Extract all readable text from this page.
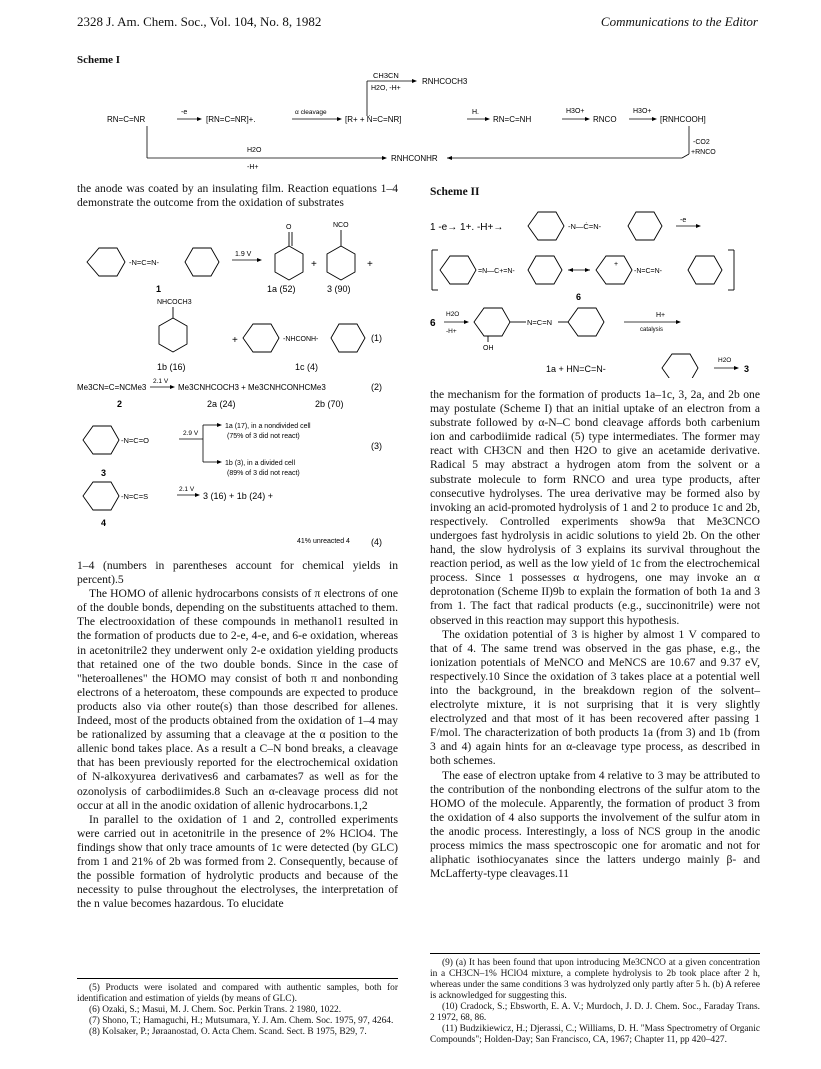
2328 J. Am. Chem. Soc., Vol. 104, No. 8, 1982	Communications to the Editor
Scheme I
CH3CN
H2O, -H+
RNHCOCH3
RN=C=NR
-e
[RN=C=NR]+.
α cleavage
[R+ + Ṅ=C=NR]
H.
RN=C=NH
H3O+
RNCO
H3O+
[RNHCOOH]
-CO2
+RNCO
H2O
-H+
RNHCONHR

the anode was coated by an insulating film. Reaction equations 1–4 demonstrate the outcome from the oxidation of substrates

-N=C=N-
1.9 V
O
+
NCO
+
1	1a (52)	3 (90)
NHCOCH3
+	-NHCONH-	(1)
1b (16)	1c (4)
Me3CN=C=NCMe3
2.1 V
Me3CNHCOCH3 + Me3CNHCONHCMe3	(2)
2	2a (24)	2b (70)
-N=C=O
2.9 V
1a (17), in a nondivided cell
(75% of 3 did not react)
1b (3), in a divided cell
(89% of 3 did not react)
(3)
3
-N=C=S
2.1 V
3 (16) + 1b (24) +
41% unreacted 4 (4)
4

1–4 (numbers in parentheses account for chemical yields in percent).5

The HOMO of allenic hydrocarbons consists of π electrons of one of the double bonds, depending on the substituents attached to them. The electrooxidation of these compounds in methanol1 resulted in the formation of products due to 2-e, 4-e, and 6-e oxidation, whereas in acetonitrile2 they underwent only 2-e oxidation yielding products that retained one of the two double bonds. Since in the case of "heteroallenes" the HOMO may consist of both π and nonbonding electrons of a heteroatom, these compounds are expected to produce products also via other route(s) than those described for allenes. Indeed, most of the products obtained from the oxidation of 1–4 may be rationalized by assuming that a cleavage at the α position to the allenic bond takes place. As a result a C–N bond breaks, a cleavage that has been previously reported for the electrochemical oxidation of N-alkoxyurea derivatives6 and carbamates7 as well as for the ozonolysis of carbodiimides.8 Such an α-cleavage process did not occur at all in the anodic oxidation of allenic hydrocarbons.1,2

In parallel to the oxidation of 1 and 2, controlled experiments were carried out in acetonitrile in the presence of 2% HClO4. The findings show that only trace amounts of 1c were detected (by GLC) from 1 and 21% of 2b was formed from 2. Consequently, because of the possible formation of hydrolytic products and because of the necessity to pulse throughout the electrolyses, the interpretation of the n value becomes hazardous. To elucidate

(5) Products were isolated and compared with authentic samples, both for identification and estimation of yields (by means of GLC).
(6) Ozaki, S.; Masui, M. J. Chem. Soc. Perkin Trans. 2 1980, 1022.
(7) Shono, T.; Hamaguchi, H.; Mutsumara, Y. J. Am. Chem. Soc. 1975, 97, 4264.
(8) Kolsaker, P.; Jøraanostad, O. Acta Chem. Scand. Sect. B 1975, B29, 7.
Scheme II
1 -e→ 1+. -H+→	-N—Ċ=N-
-e
=N—C+=N-
+
-N=C=N-
6
6
H2O
-H+
OH
N=C=N
H+
catalysis
1a + HN=C=N-
H2O
3

the mechanism for the formation of products 1a–1c, 3, 2a, and 2b one may postulate (Scheme I) that an initial uptake of an electron from a substrate followed by α-N–C bond cleavage affords both carbenium ion and carbodiimide radical (5) type intermediates. The former may react with CH3CN and then H2O to give an acetamide derivative. Radical 5 may abstract a hydrogen atom from the solvent or a substrate molecule to form RNCO and urea type products, after consecutive hydrolyses. The urea derivative may be formed also by invoking an acid-promoted hydrolysis of 1 and 2 to produce 1c and 2b, respectively. Controlled experiments show9a that Me3CNCO undergoes fast hydrolysis in acidic solutions to yield 2b. On the other hand, the slow hydrolysis of 3 explains its survival throughout the reaction period, as well as the low yield of 1c from the electrochemical process. Since 1 possesses α hydrogens, one may invoke an α deprotonation (Scheme II)9b to explain the formation of both 1a and 3 from 1. The fact that radical products (e.g., succinonitrile) were not observed in this reaction may support this hypothesis.

The oxidation potential of 3 is higher by almost 1 V compared to that of 4. The same trend was observed in the gas phase, e.g., the ionization potentials of MeNCO and MeNCS are 10.67 and 9.37 eV, respectively.10 Since the oxidation of 3 takes place at a potential well into the background, in the breakdown region of the solvent–electrolyte mixture, it is not surprising that it is very slightly electrolyzed and that most of it has been recovered after passing 1 F/mol. The characterization of both products 1a (from 3) and 1b (from 3 and 4) again hints for an α-cleavage type process, as described in both schemes.

The ease of electron uptake from 4 relative to 3 may be attributed to the contribution of the nonbonding electrons of the sulfur atom to the HOMO of the molecule. Apparently, the formation of product 3 from the oxidation of 4 also supports the involvement of the sulfur atom in the anodic process. Interestingly, a loss of NCS group in the anodic process mimics the mass spectroscopic one for aromatic and not for aliphatic isothiocyanates since the latters undergo mainly β- and McLafferty-type cleavages.11

(9) (a) It has been found that upon introducing Me3CNCO at a given concentration in a CH3CN–1% HClO4 mixture, a complete hydrolysis to 2b took place after 2 h, whereas under the same conditions 3 was hydrolyzed only partly after 5 h. (b) A referee is acknowledged for suggesting this.
(10) Cradock, S.; Ebsworth, E. A. V.; Murdoch, J. D. J. Chem. Soc., Faraday Trans. 2 1972, 68, 86.
(11) Budzikiewicz, H.; Djerassi, C.; Williams, D. H. "Mass Spectrometry of Organic Compounds"; Holden-Day; San Francisco, CA, 1967; Chapter 11, pp 420–427.
